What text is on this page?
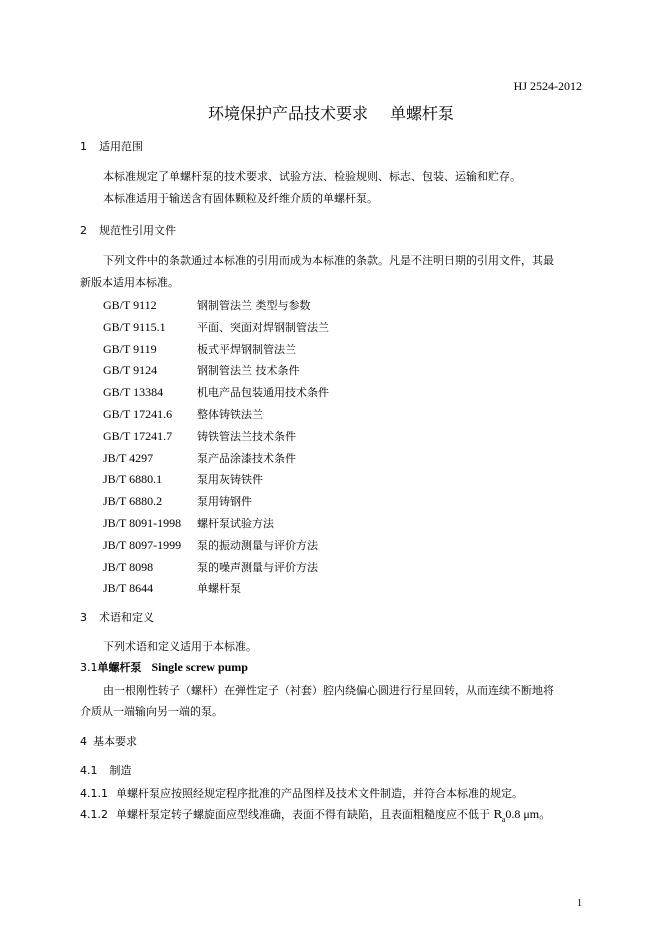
HJ 2524-2012
环境保护产品技术要求 单螺杆泵
1 适用范围
本标准规定了单螺杆泵的技术要求、试验方法、检验规则、标志、包装、运输和贮存。
本标准适用于输送含有固体颗粒及纤维介质的单螺杆泵。
2 规范性引用文件
下列文件中的条款通过本标准的引用而成为本标准的条款。凡是不注明日期的引用文件，其最
新版本适用本标准。
GB/T 9112	钢制管法兰 类型与参数
GB/T 9115.1	平面、突面对焊钢制管法兰
GB/T 9119	板式平焊钢制管法兰
GB/T 9124	钢制管法兰 技术条件
GB/T 13384	机电产品包装通用技术条件
GB/T 17241.6 整体铸铁法兰
GB/T 17241.7 铸铁管法兰技术条件
JB/T 4297	泵产品涂漆技术条件
JB/T 6880.1	泵用灰铸铁件
JB/T 6880.2	泵用铸钢件
JB/T 8091-1998 螺杆泵试验方法
JB/T 8097-1999 泵的振动测量与评价方法
JB/T 8098	泵的噪声测量与评价方法
JB/T 8644	单螺杆泵
3 术语和定义
下列术语和定义适用于本标准。
3.1单螺杆泵 Single screw pump
由一根刚性转子（螺杆）在弹性定子（衬套）腔内绕偏心圆进行行星回转，从而连续不断地将
介质从一端输向另一端的泵。
4 基本要求
4.1 制造
4.1.1 单螺杆泵应按照经规定程序批准的产品图样及技术文件制造，并符合本标准的规定。
4.1.2 单螺杆泵定转子螺旋面应型线准确，表面不得有缺陷，且表面粗糙度应不低于 $R_a0.8$ μm。
1
